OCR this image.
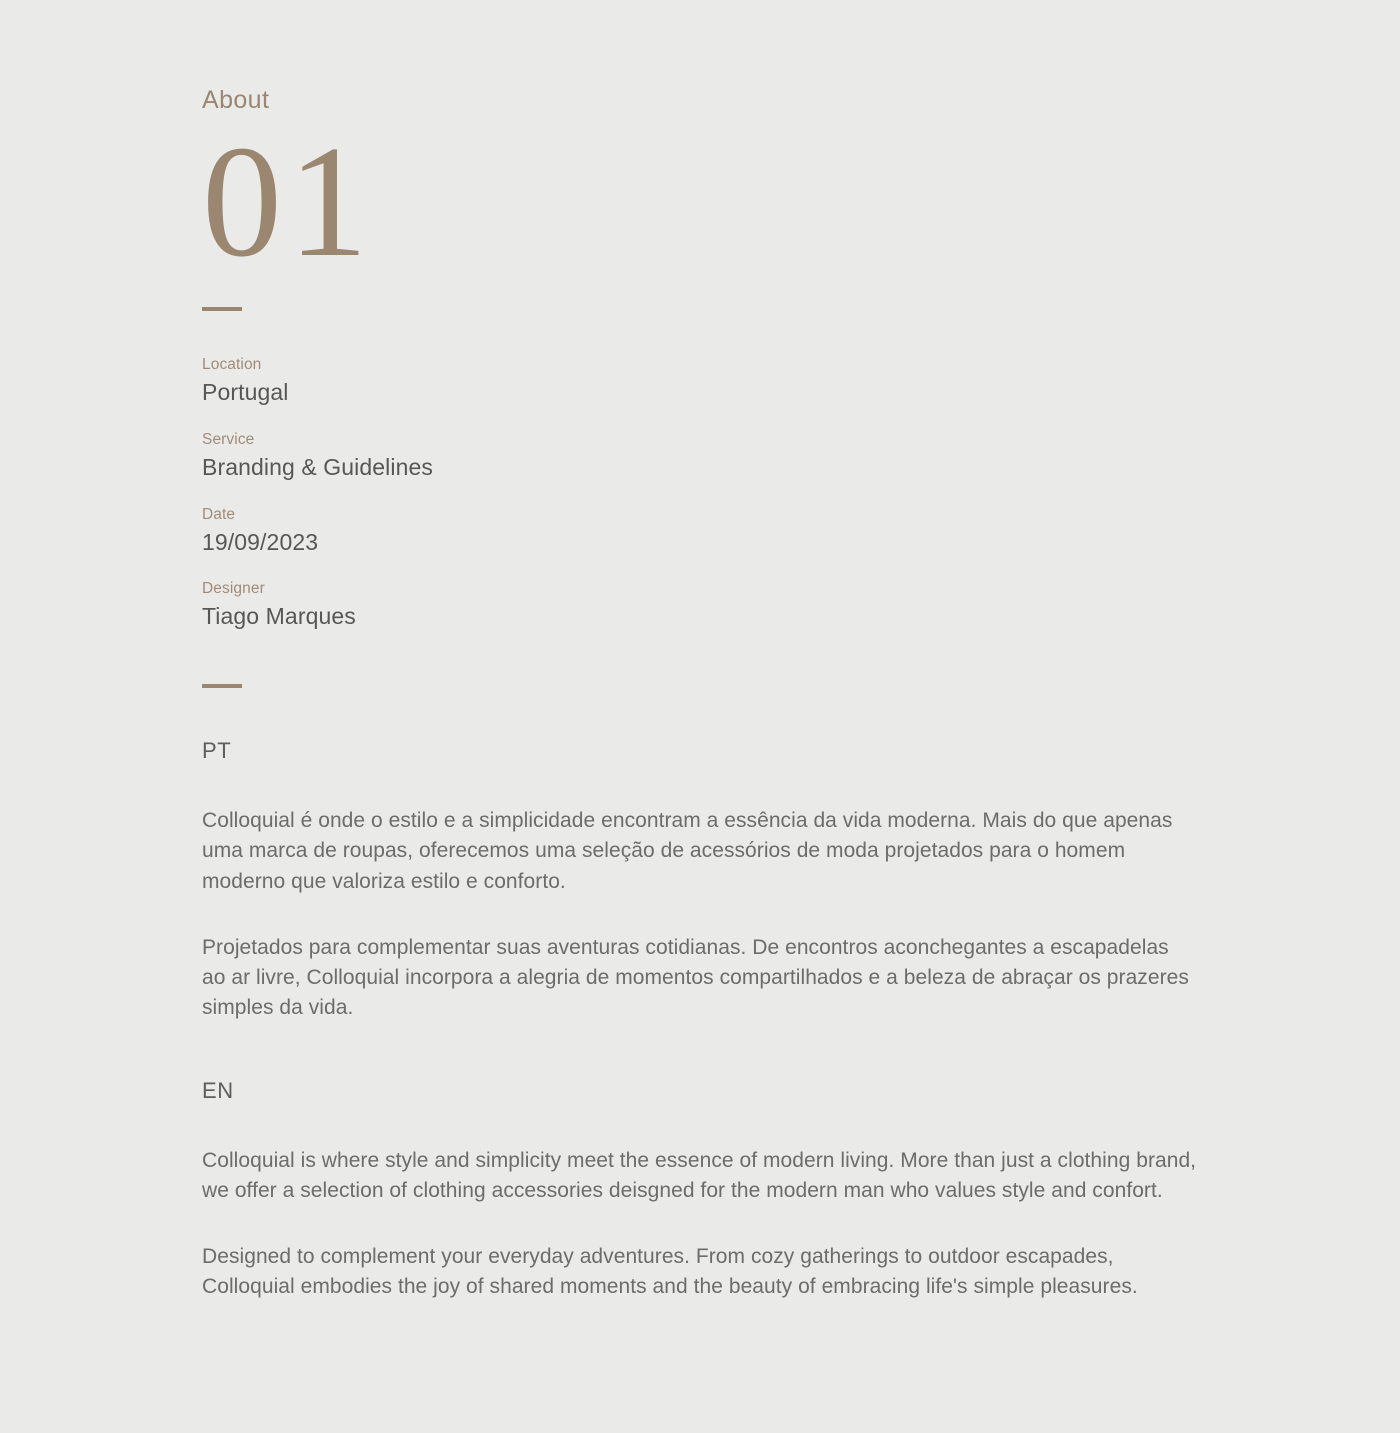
About
01
Location
Portugal
Service
Branding & Guidelines
Date
19/09/2023
Designer
Tiago Marques
PT

Colloquial é onde o estilo e a simplicidade encontram a essência da vida moderna. Mais do que apenas uma marca de roupas, oferecemos uma seleção de acessórios de moda projetados para o homem moderno que valoriza estilo e conforto.

Projetados para complementar suas aventuras cotidianas. De encontros aconchegantes a escapadelas ao ar livre, Colloquial incorpora a alegria de momentos compartilhados e a beleza de abraçar os prazeres simples da vida.

EN

Colloquial is where style and simplicity meet the essence of modern living. More than just a clothing brand, we offer a selection of clothing accessories deisgned for the modern man who values style and confort.

Designed to complement your everyday adventures. From cozy gatherings to outdoor escapades, Colloquial embodies the joy of shared moments and the beauty of embracing life's simple pleasures.
